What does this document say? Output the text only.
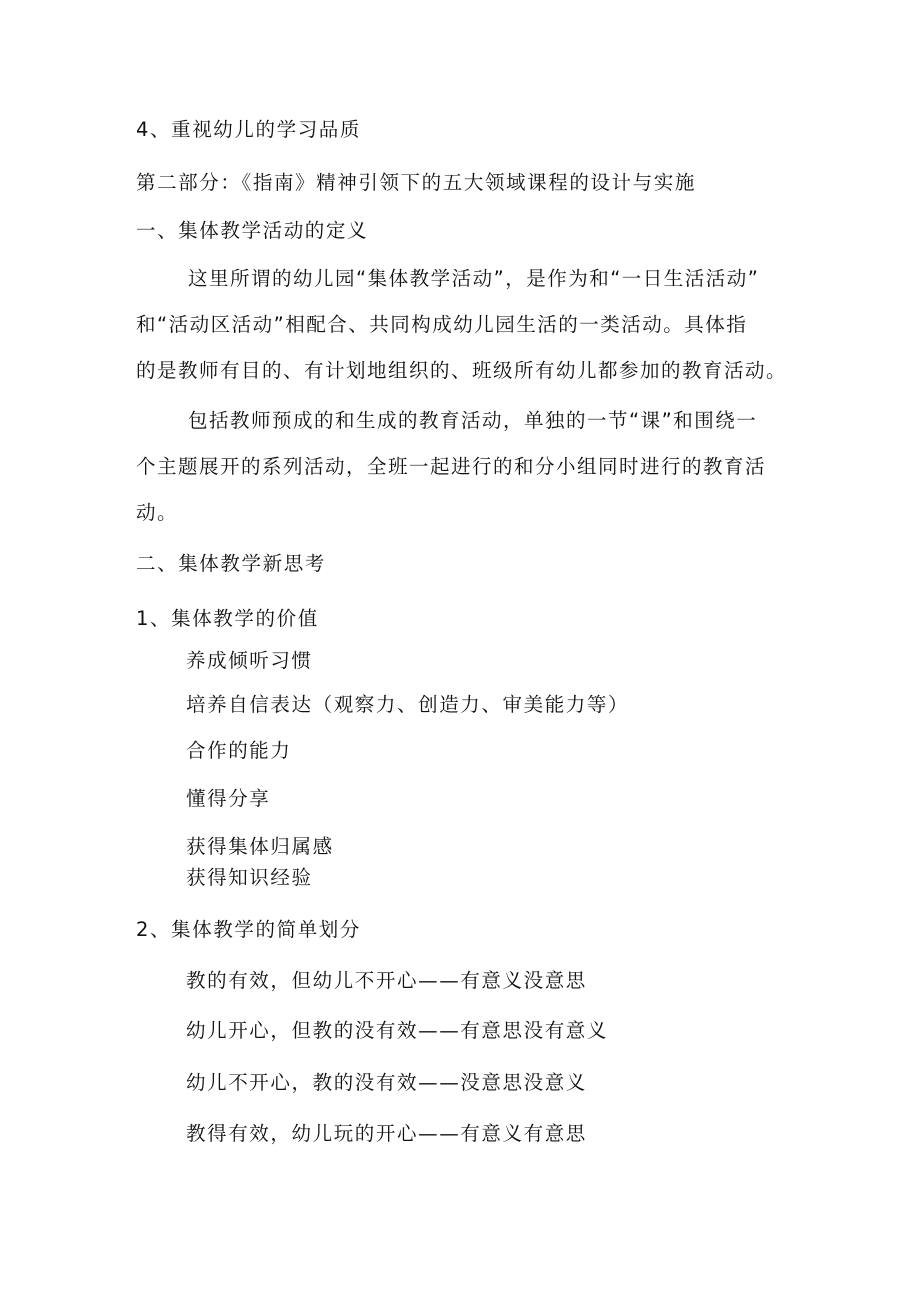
4、重视幼儿的学习品质
第二部分：《指南》精神引领下的五大领域课程的设计与实施
一、集体教学活动的定义
这里所谓的幼儿园“集体教学活动”，是作为和“一日生活活动”
和“活动区活动”相配合、共同构成幼儿园生活的一类活动。具体指
的是教师有目的、有计划地组织的、班级所有幼儿都参加的教育活动。
包括教师预成的和生成的教育活动，单独的一节“课”和围绕一
个主题展开的系列活动，全班一起进行的和分小组同时进行的教育活
动。
二、集体教学新思考
1、集体教学的价值
养成倾听习惯
培养自信表达（观察力、创造力、审美能力等）
合作的能力
懂得分享
获得集体归属感
获得知识经验
2、集体教学的简单划分
教的有效，但幼儿不开心——有意义没意思
幼儿开心，但教的没有效——有意思没有意义
幼儿不开心，教的没有效——没意思没意义
教得有效，幼儿玩的开心——有意义有意思
